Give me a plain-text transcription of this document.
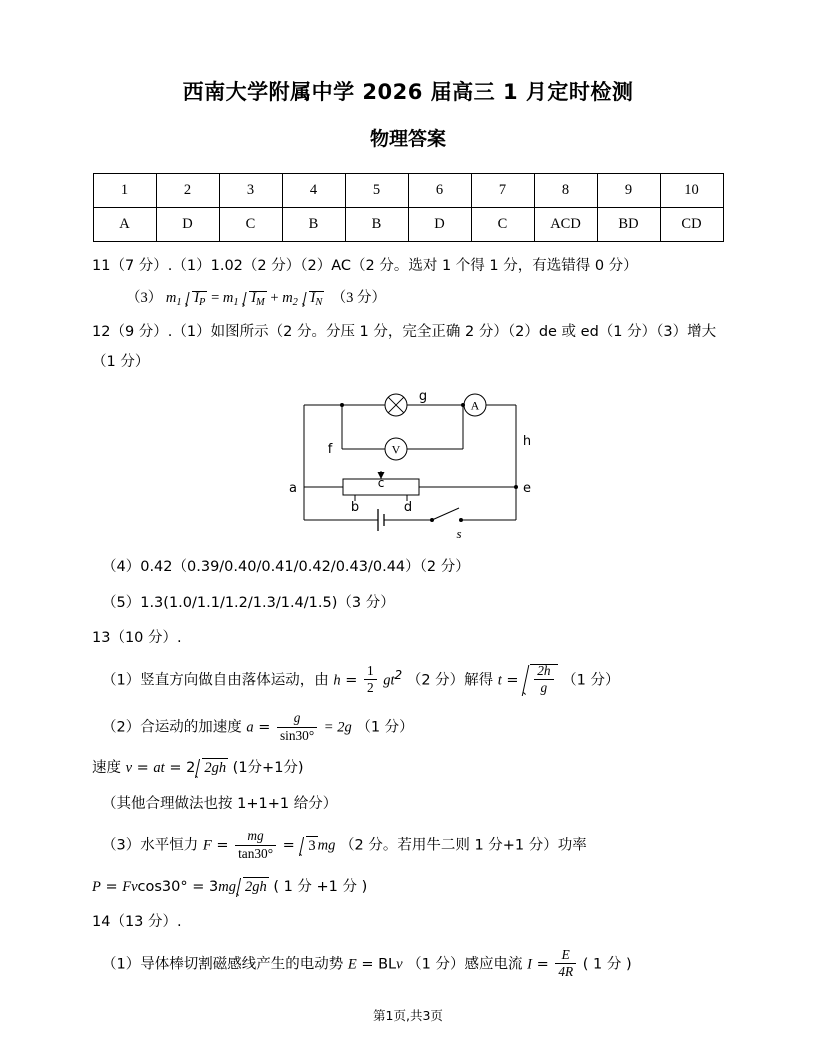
西南大学附属中学 2026 届高三 1 月定时检测
物理答案
1	2	3	4	5	6	7	8	9	10
A	D	C	B	B	D	C	ACD	BD	CD
11（7 分）.（1）1.02（2 分）（2）AC（2 分。选对 1 个得 1 分，有选错得 0 分）
（3） $m_1$ $I_P = m_1$ $I_M + m_2$ $I_N$ （3 分）
12（9 分）.（1）如图所示（2 分。分压 1 分，完全正确 2 分）（2）de 或 ed（1 分）（3）增大
（1 分）
A
V
g
h
f
a
b
c
d
e
s
（4）0.42（0.39/0.40/0.41/0.42/0.43/0.44）（2 分）
（5）1.3(1.0/1.1/1.2/1.3/1.4/1.5)（3 分）
13（10 分）.
（1）竖直方向做自由落体运动，由 $h = \frac{1}{2} gt^2$ （2 分）解得 $t = \frac{2h}{g} (1$ 分）
（2）合运动的加速度 $a = \frac{g}{\sin 30^\circ} = 2g$ （1 分）
速度 v = at = 2 2gh (1分+1分)
（其他合理做法也按 1+1+1 给分）
（3）水平恒力 $F = \frac{mg}{\tan 30^\circ} = 3$ mg （2 分。若用牛二则 1 分+1 分）功率
P = Fvcos30° = 3mg 2gh ( 1 分 +1 分 )
14（13 分）.
（1）导体棒切割磁感线产生的电动势 E = BLv （1 分）感应电流 $I = \frac{E}{4R}$ ( 1 分 )
第1页,共3页
